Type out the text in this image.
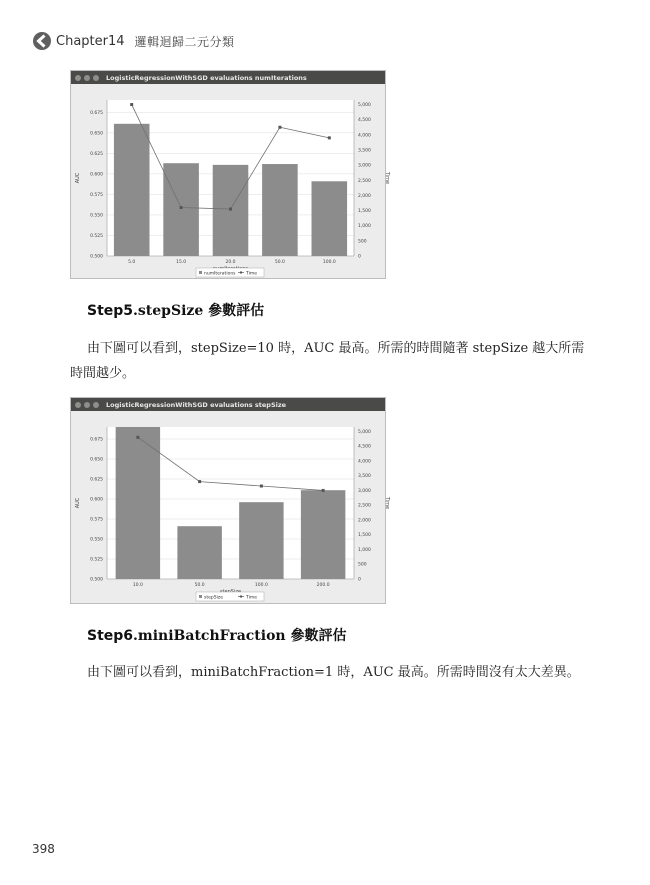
Chapter14 邏輯迴歸二元分類
LogisticRegressionWithSGD evaluations numIterations
0.500
0.525
0.550
0.575
0.600
0.625
0.650
0.675
0
500
1,000
1,500
2,000
2,500
3,000
3,500
4,000
4,500
5,000
5.0	15.0	20.0	50.0	100.0
AUC	Time
numIterations Time
Step5.stepSize 參數評估
由下圖可以看到，stepSize=10 時，AUC 最高。所需的時間隨著 stepSize 越大所需
時間越少。
LogisticRegressionWithSGD evaluations stepSize
0.500
0.525
0.550
0.575
0.600
0.625
0.650
0.675
0
500
1,000
1,500
2,000
2,500
3,000
3,500
4,000
4,500
5,000
10.0	50.0	100.0	200.0
AUC	Time
stepSize	Time
Step6.miniBatchFraction 參數評估
由下圖可以看到，miniBatchFraction=1 時，AUC 最高。所需時間沒有太大差異。
398
